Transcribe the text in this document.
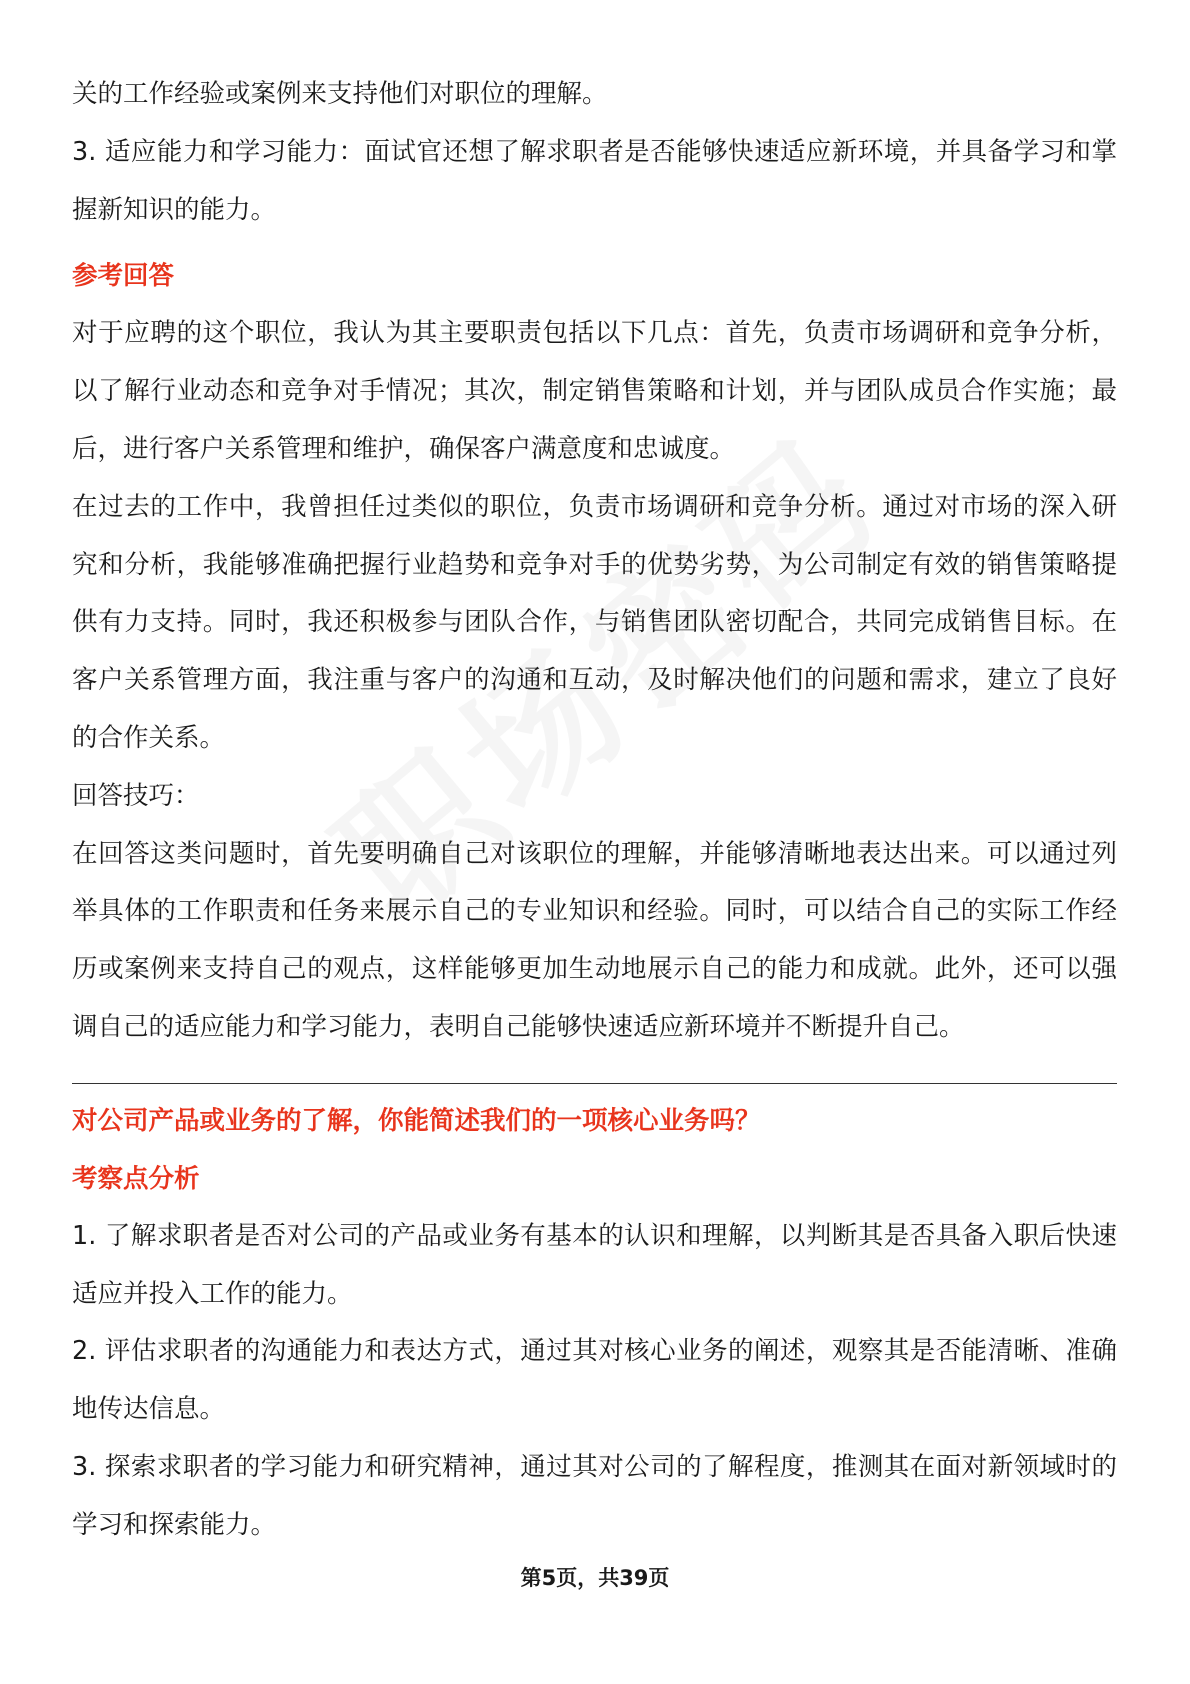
关的工作经验或案例来支持他们对职位的理解。

3. 适应能力和学习能力：面试官还想了解求职者是否能够快速适应新环境，并具备学习和掌握新知识的能力。

参考回答

对于应聘的这个职位，我认为其主要职责包括以下几点：首先，负责市场调研和竞争分析，以了解行业动态和竞争对手情况；其次，制定销售策略和计划，并与团队成员合作实施；最后，进行客户关系管理和维护，确保客户满意度和忠诚度。

在过去的工作中，我曾担任过类似的职位，负责市场调研和竞争分析。通过对市场的深入研究和分析，我能够准确把握行业趋势和竞争对手的优势劣势，为公司制定有效的销售策略提供有力支持。同时，我还积极参与团队合作，与销售团队密切配合，共同完成销售目标。在客户关系管理方面，我注重与客户的沟通和互动，及时解决他们的问题和需求，建立了良好的合作关系。

回答技巧：

在回答这类问题时，首先要明确自己对该职位的理解，并能够清晰地表达出来。可以通过列举具体的工作职责和任务来展示自己的专业知识和经验。同时，可以结合自己的实际工作经历或案例来支持自己的观点，这样能够更加生动地展示自己的能力和成就。此外，还可以强调自己的适应能力和学习能力，表明自己能够快速适应新环境并不断提升自己。

对公司产品或业务的了解，你能简述我们的一项核心业务吗？
考察点分析

1. 了解求职者是否对公司的产品或业务有基本的认识和理解，以判断其是否具备入职后快速适应并投入工作的能力。

2. 评估求职者的沟通能力和表达方式，通过其对核心业务的阐述，观察其是否能清晰、准确地传达信息。

3. 探索求职者的学习能力和研究精神，通过其对公司的了解程度，推测其在面对新领域时的学习和探索能力。

第5页，共39页
